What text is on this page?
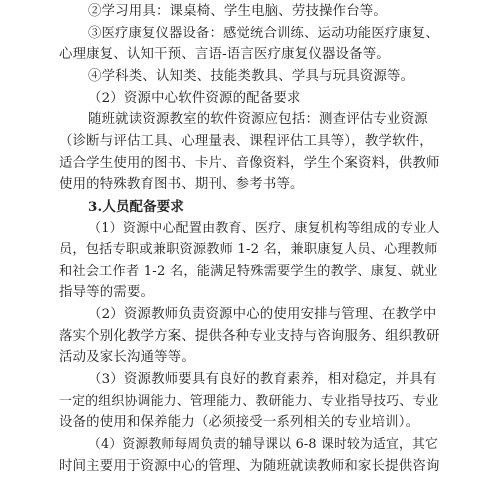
②学习用具：课桌椅、学生电脑、劳技操作台等。
③医疗康复仪器设备：感觉统合训练、运动功能医疗康复、
心理康复、认知干预、言语-语言医疗康复仪器设备等。
④学科类、认知类、技能类教具、学具与玩具资源等。
（2）资源中心软件资源的配备要求
随班就读资源教室的软件资源应包括：测查评估专业资源
（诊断与评估工具、心理量表、课程评估工具等），教学软件，
适合学生使用的图书、卡片、音像资料，学生个案资料，供教师
使用的特殊教育图书、期刊、参考书等。
3.人员配备要求
（1）资源中心配置由教育、医疗、康复机构等组成的专业人
员，包括专职或兼职资源教师 1-2 名，兼职康复人员、心理教师
和社会工作者 1-2 名，能满足特殊需要学生的教学、康复、就业
指导等的需要。
（2）资源教师负责资源中心的使用安排与管理、在教学中
落实个别化教学方案、提供各种专业支持与咨询服务、组织教研
活动及家长沟通等等。
（3）资源教师要具有良好的教育素养，相对稳定，并具有
一定的组织协调能力、管理能力、教研能力、专业指导技巧、专业
设备的使用和保养能力（必须接受一系列相关的专业培训）。
（4）资源教师每周负责的辅导课以 6-8 课时较为适宜，其它
时间主要用于资源中心的管理、为随班就读教师和家长提供咨询
